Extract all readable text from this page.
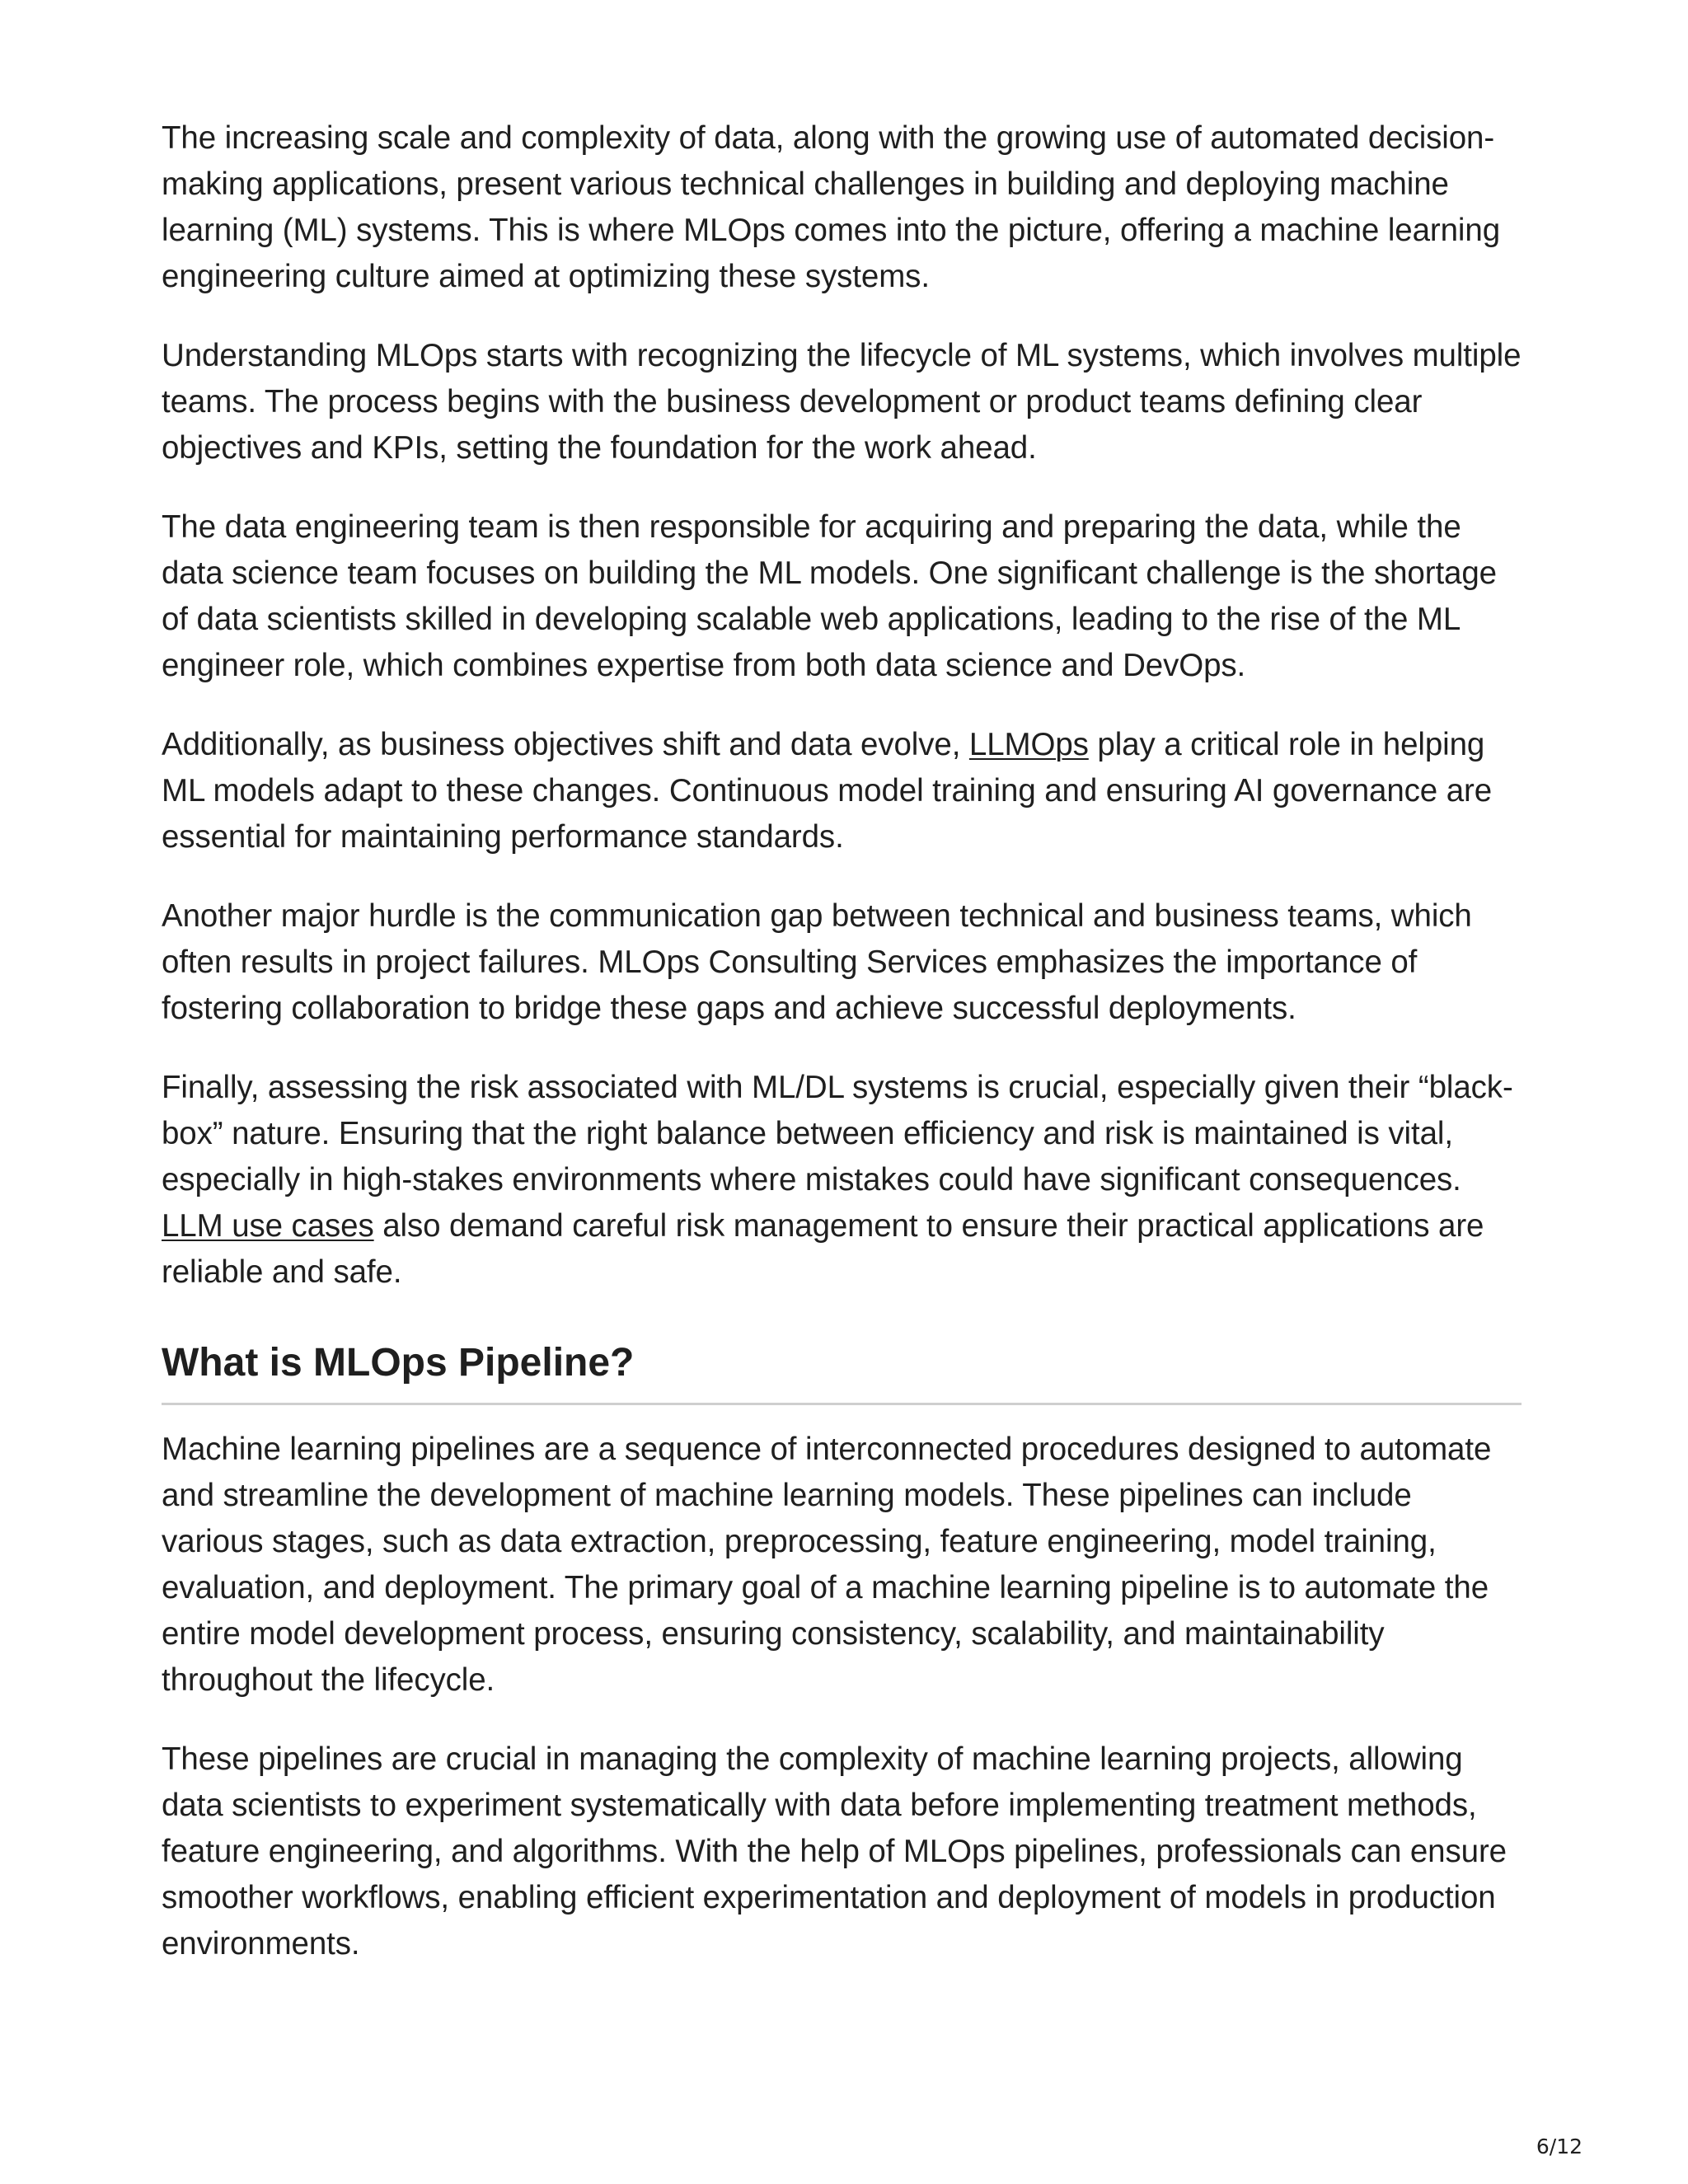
The increasing scale and complexity of data, along with the growing use of automated decision-making applications, present various technical challenges in building and deploying machine learning (ML) systems. This is where MLOps comes into the picture, offering a machine learning engineering culture aimed at optimizing these systems.

Understanding MLOps starts with recognizing the lifecycle of ML systems, which involves multiple teams. The process begins with the business development or product teams defining clear objectives and KPIs, setting the foundation for the work ahead.

The data engineering team is then responsible for acquiring and preparing the data, while the data science team focuses on building the ML models. One significant challenge is the shortage of data scientists skilled in developing scalable web applications, leading to the rise of the ML engineer role, which combines expertise from both data science and DevOps.

Additionally, as business objectives shift and data evolve, LLMOps play a critical role in helping ML models adapt to these changes. Continuous model training and ensuring AI governance are essential for maintaining performance standards.

Another major hurdle is the communication gap between technical and business teams, which often results in project failures. MLOps Consulting Services emphasizes the importance of fostering collaboration to bridge these gaps and achieve successful deployments.

Finally, assessing the risk associated with ML/DL systems is crucial, especially given their “black-box” nature. Ensuring that the right balance between efficiency and risk is maintained is vital, especially in high-stakes environments where mistakes could have significant consequences. LLM use cases also demand careful risk management to ensure their practical applications are reliable and safe.

What is MLOps Pipeline?

Machine learning pipelines are a sequence of interconnected procedures designed to automate and streamline the development of machine learning models. These pipelines can include various stages, such as data extraction, preprocessing, feature engineering, model training, evaluation, and deployment. The primary goal of a machine learning pipeline is to automate the entire model development process, ensuring consistency, scalability, and maintainability throughout the lifecycle.

These pipelines are crucial in managing the complexity of machine learning projects, allowing data scientists to experiment systematically with data before implementing treatment methods, feature engineering, and algorithms. With the help of MLOps pipelines, professionals can ensure smoother workflows, enabling efficient experimentation and deployment of models in production environments.

6/12
